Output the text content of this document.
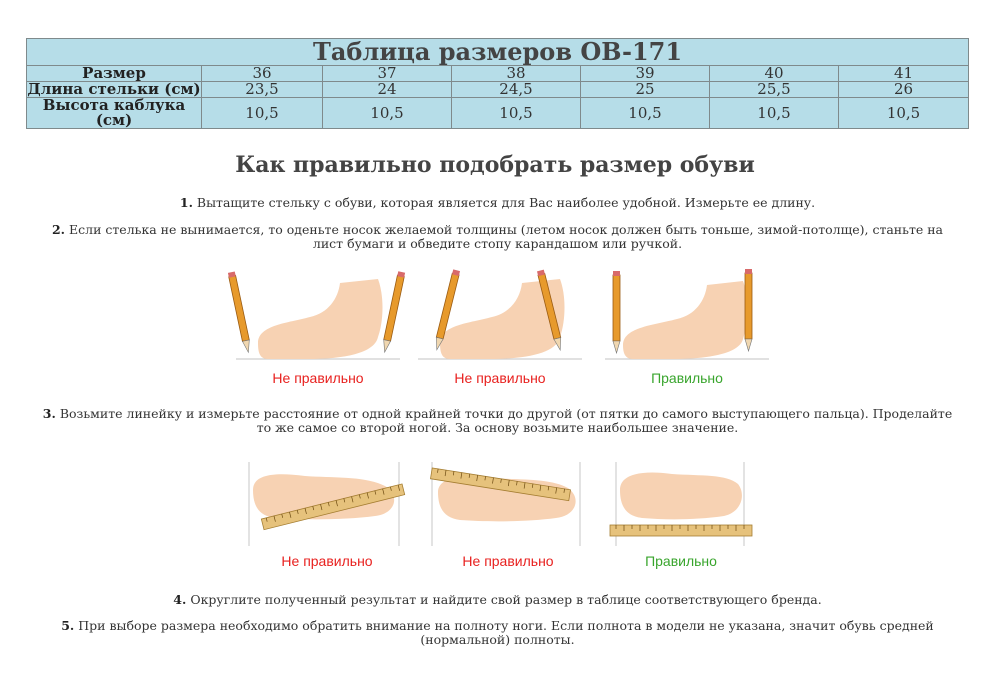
Таблица размеров OB-171						
Размер	36	37	38	39	40	41
Длина стельки (см)	23,5	24	24,5	25	25,5	26
Высота каблука (см)	10,5	10,5	10,5	10,5	10,5	10,5
Как правильно подобрать размер обуви

1. Вытащите стельку с обуви, которая является для Вас наиболее удобной. Измерьте ее длину.

2. Если стелька не вынимается, то оденьте носок желаемой толщины (летом носок должен быть тоньше, зимой-потолще), станьте на лист бумаги и обведите стопу карандашом или ручкой.

Не правильно	Не правильно	Правильно

3. Возьмите линейку и измерьте расстояние от одной крайней точки до другой (от пятки до самого выступающего пальца). Проделайте то же самое со второй ногой. За основу возьмите наибольшее значение.

Не правильно	Не правильно	Правильно

4. Округлите полученный результат и найдите свой размер в таблице соответствующего бренда.

5. При выборе размера необходимо обратить внимание на полноту ноги. Если полнота в модели не указана, значит обувь средней (нормальной) полноты.
